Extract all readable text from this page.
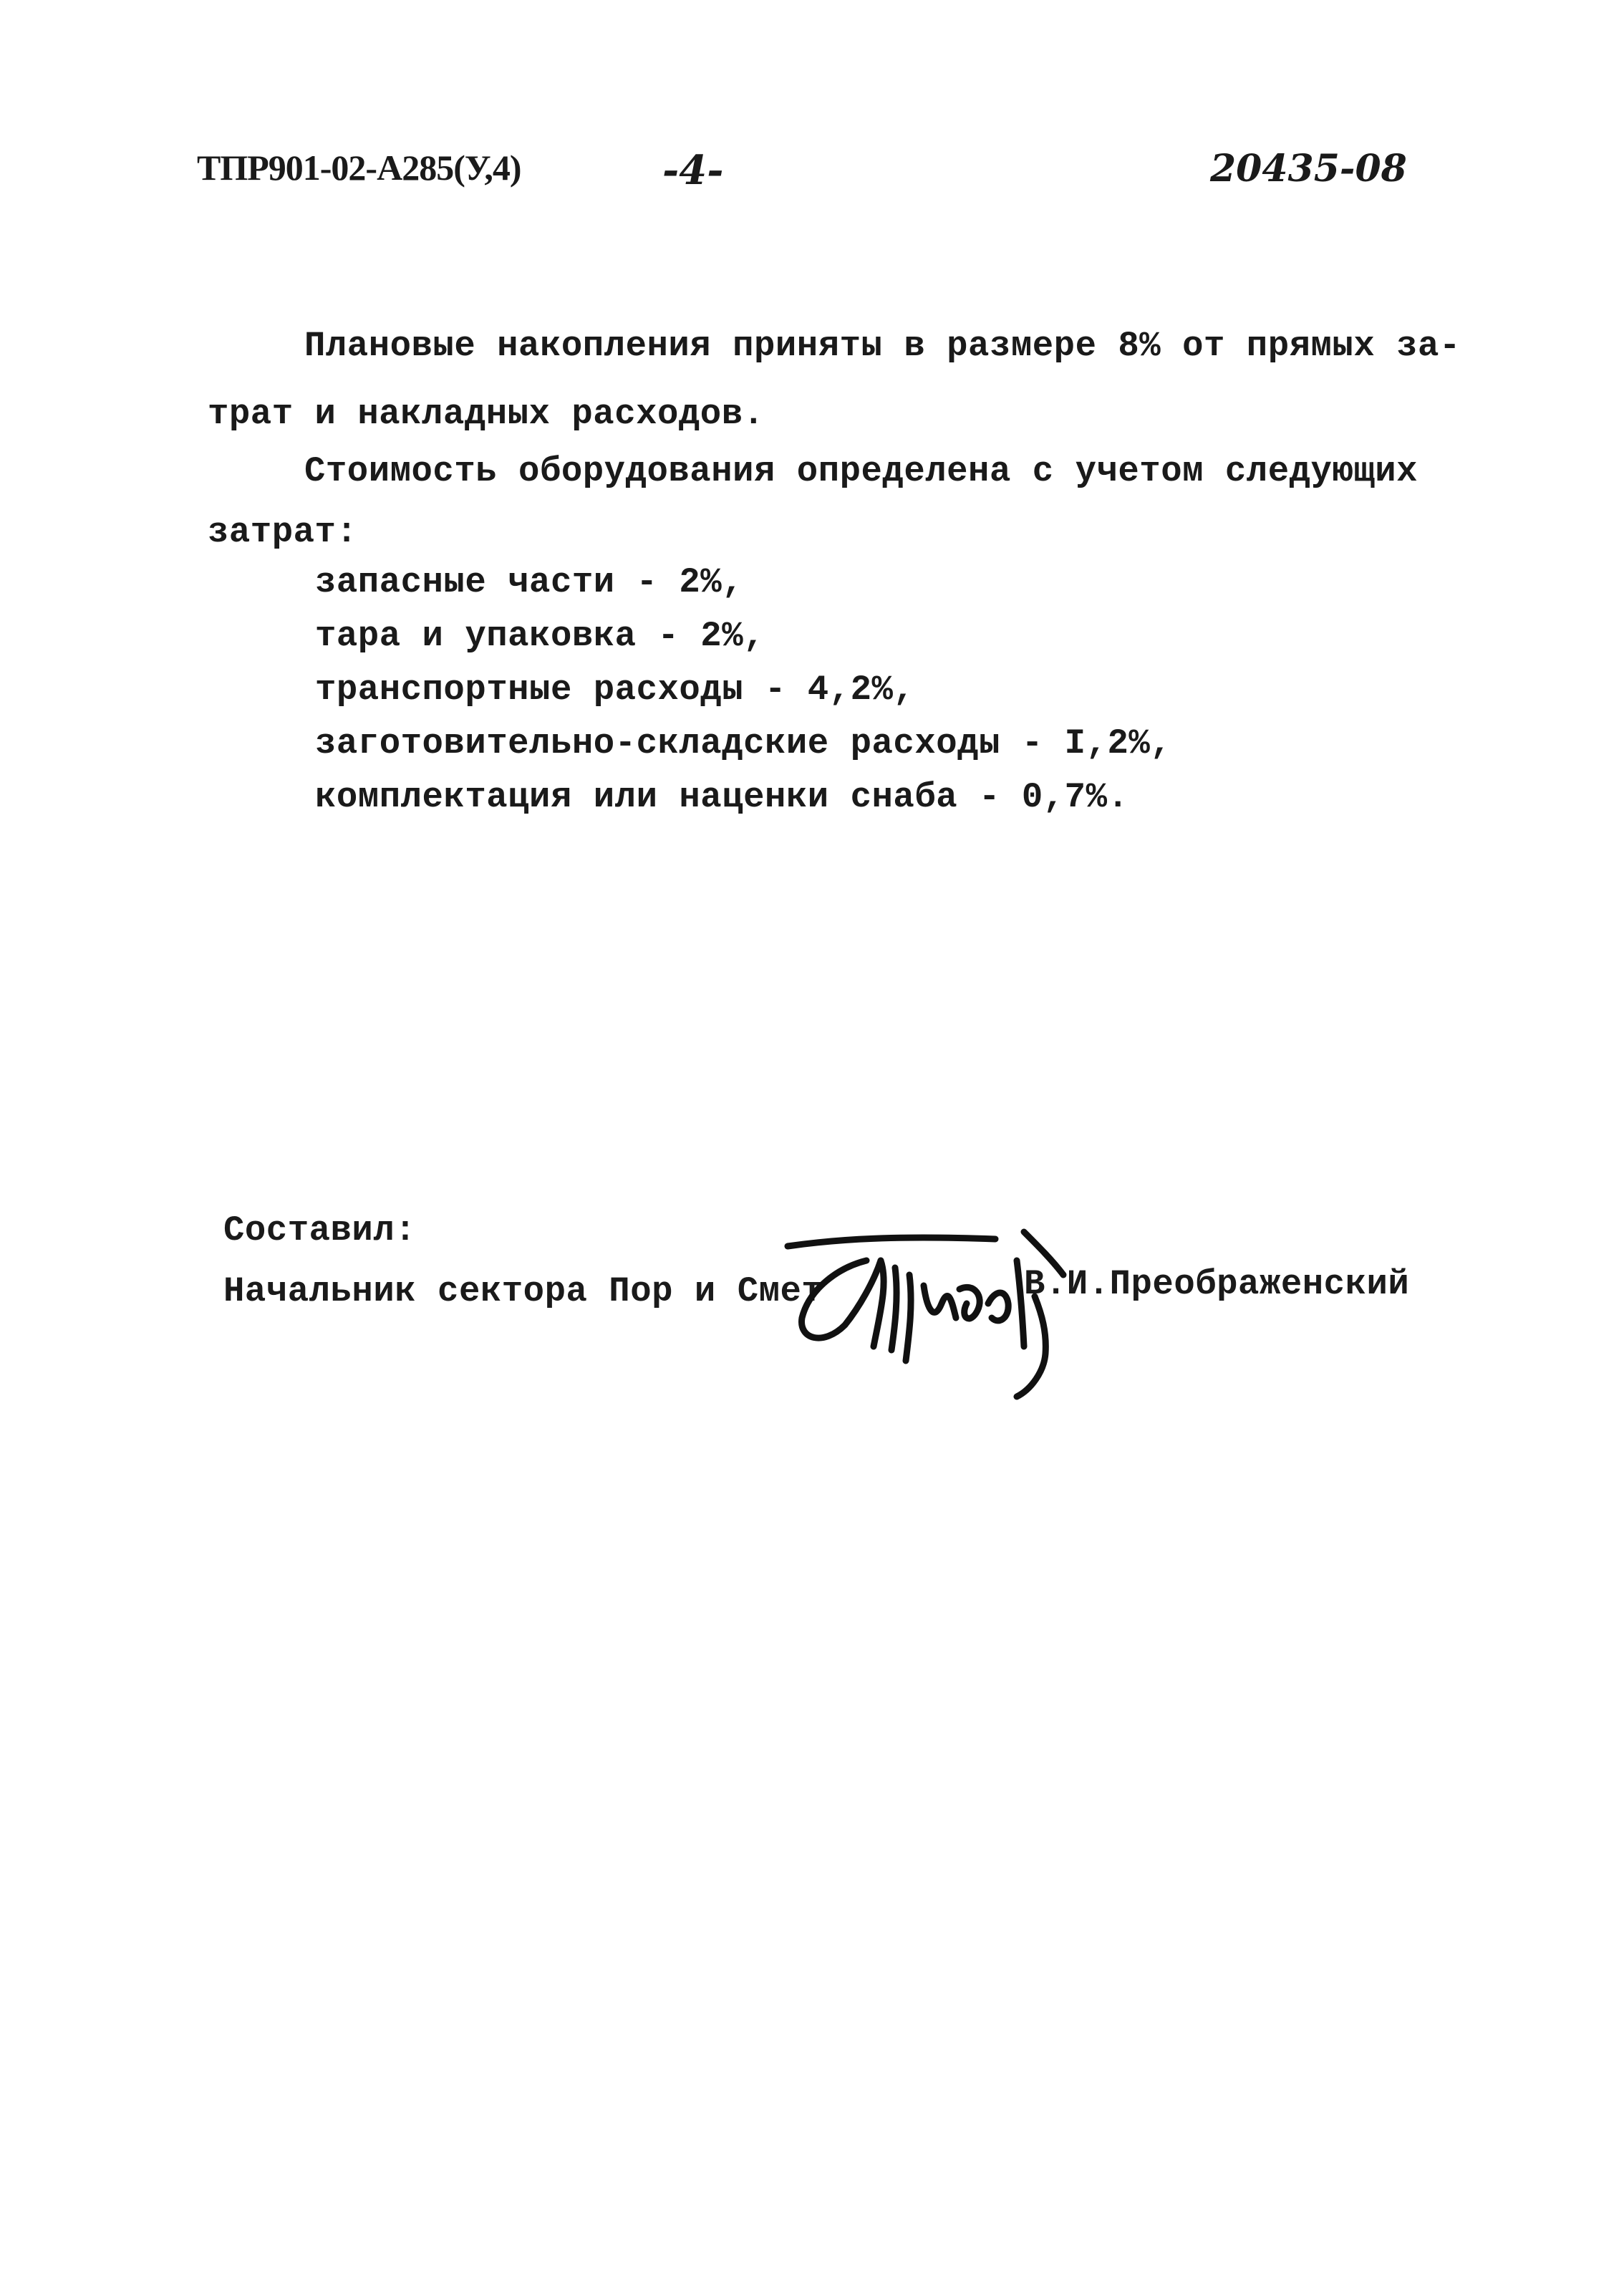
ТПР901-02-А285(У,4)	-4-	20435-08
Плановые накопления приняты в размере 8% от прямых за-
трат и накладных расходов.
Стоимость оборудования определена с учетом следующих
затрат:
запасные части - 2%,
тара и упаковка - 2%,
транспортные расходы - 4,2%,
заготовительно-складские расходы - I,2%,
комплектация или наценки снаба - 0,7%.
Составил:
Начальник сектора Пор и Смет	В.И.Преображенский
